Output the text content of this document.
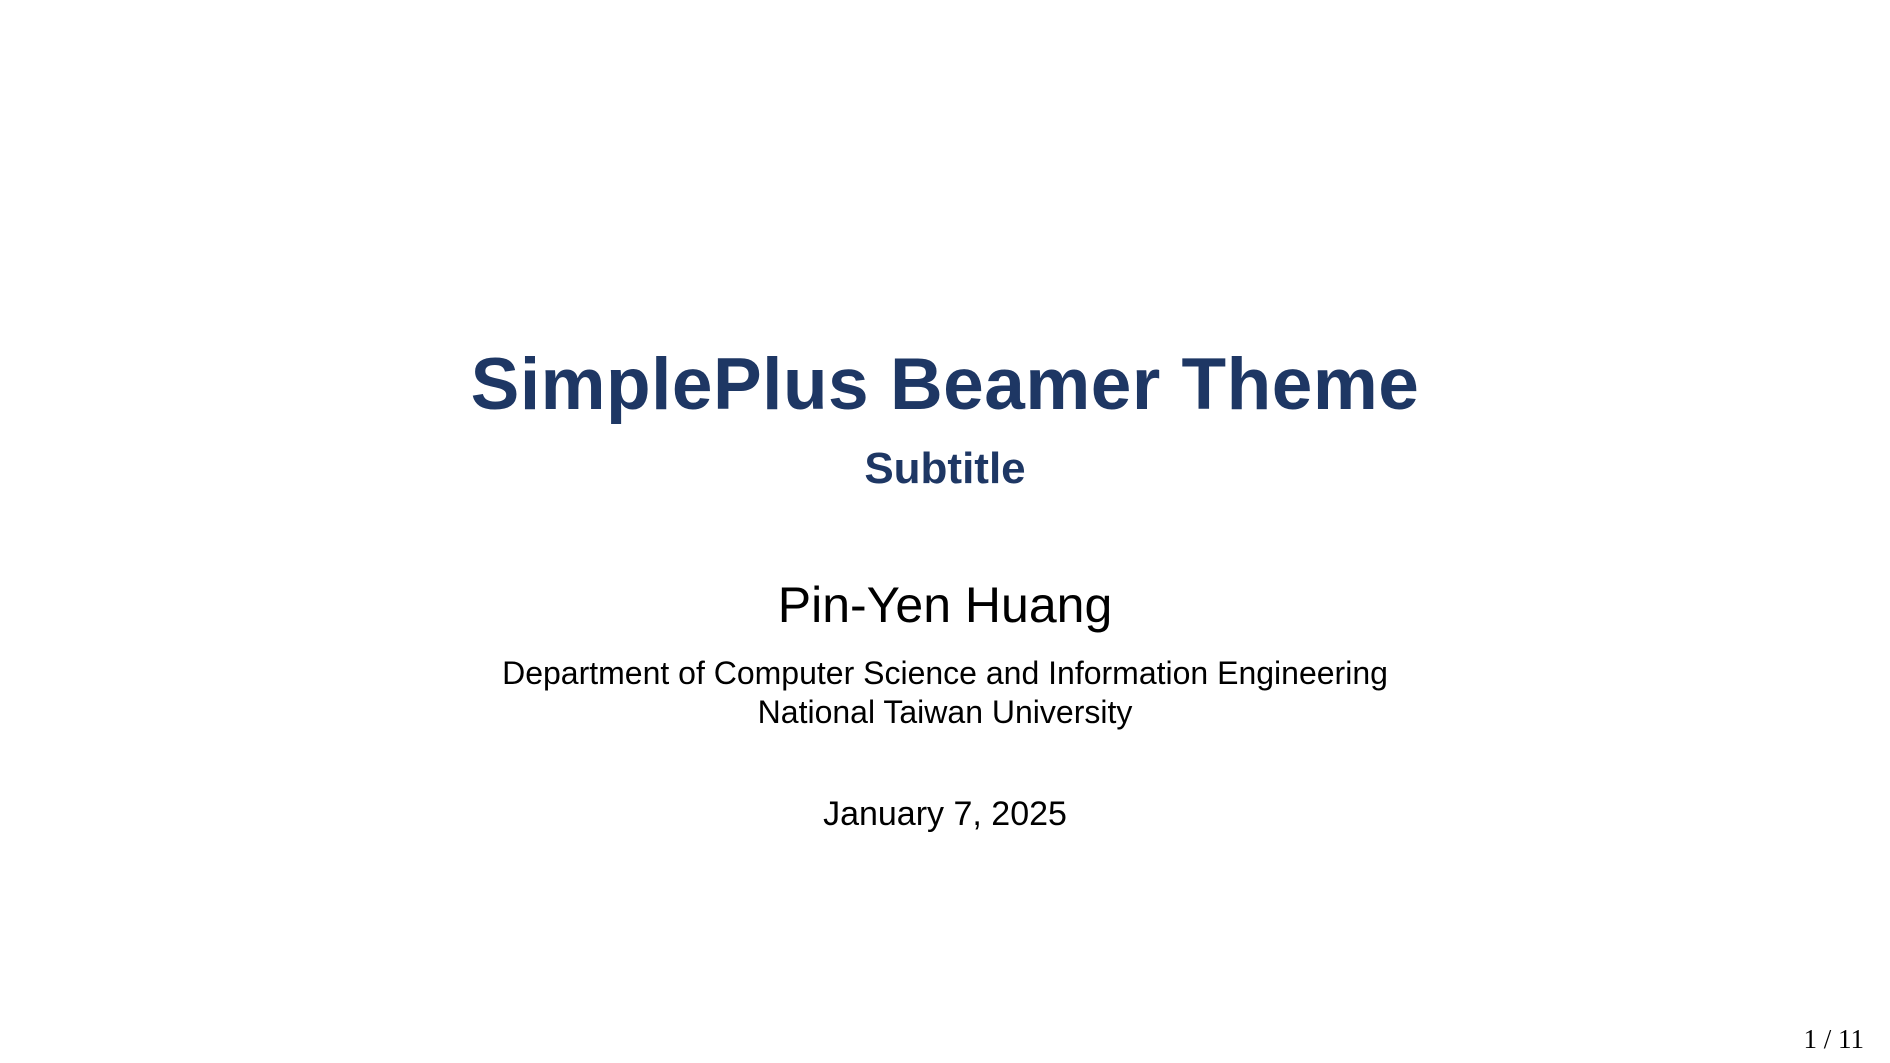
SimplePlus Beamer Theme
Subtitle
Pin-Yen Huang
Department of Computer Science and Information Engineering
National Taiwan University
January 7, 2025
1 / 11
